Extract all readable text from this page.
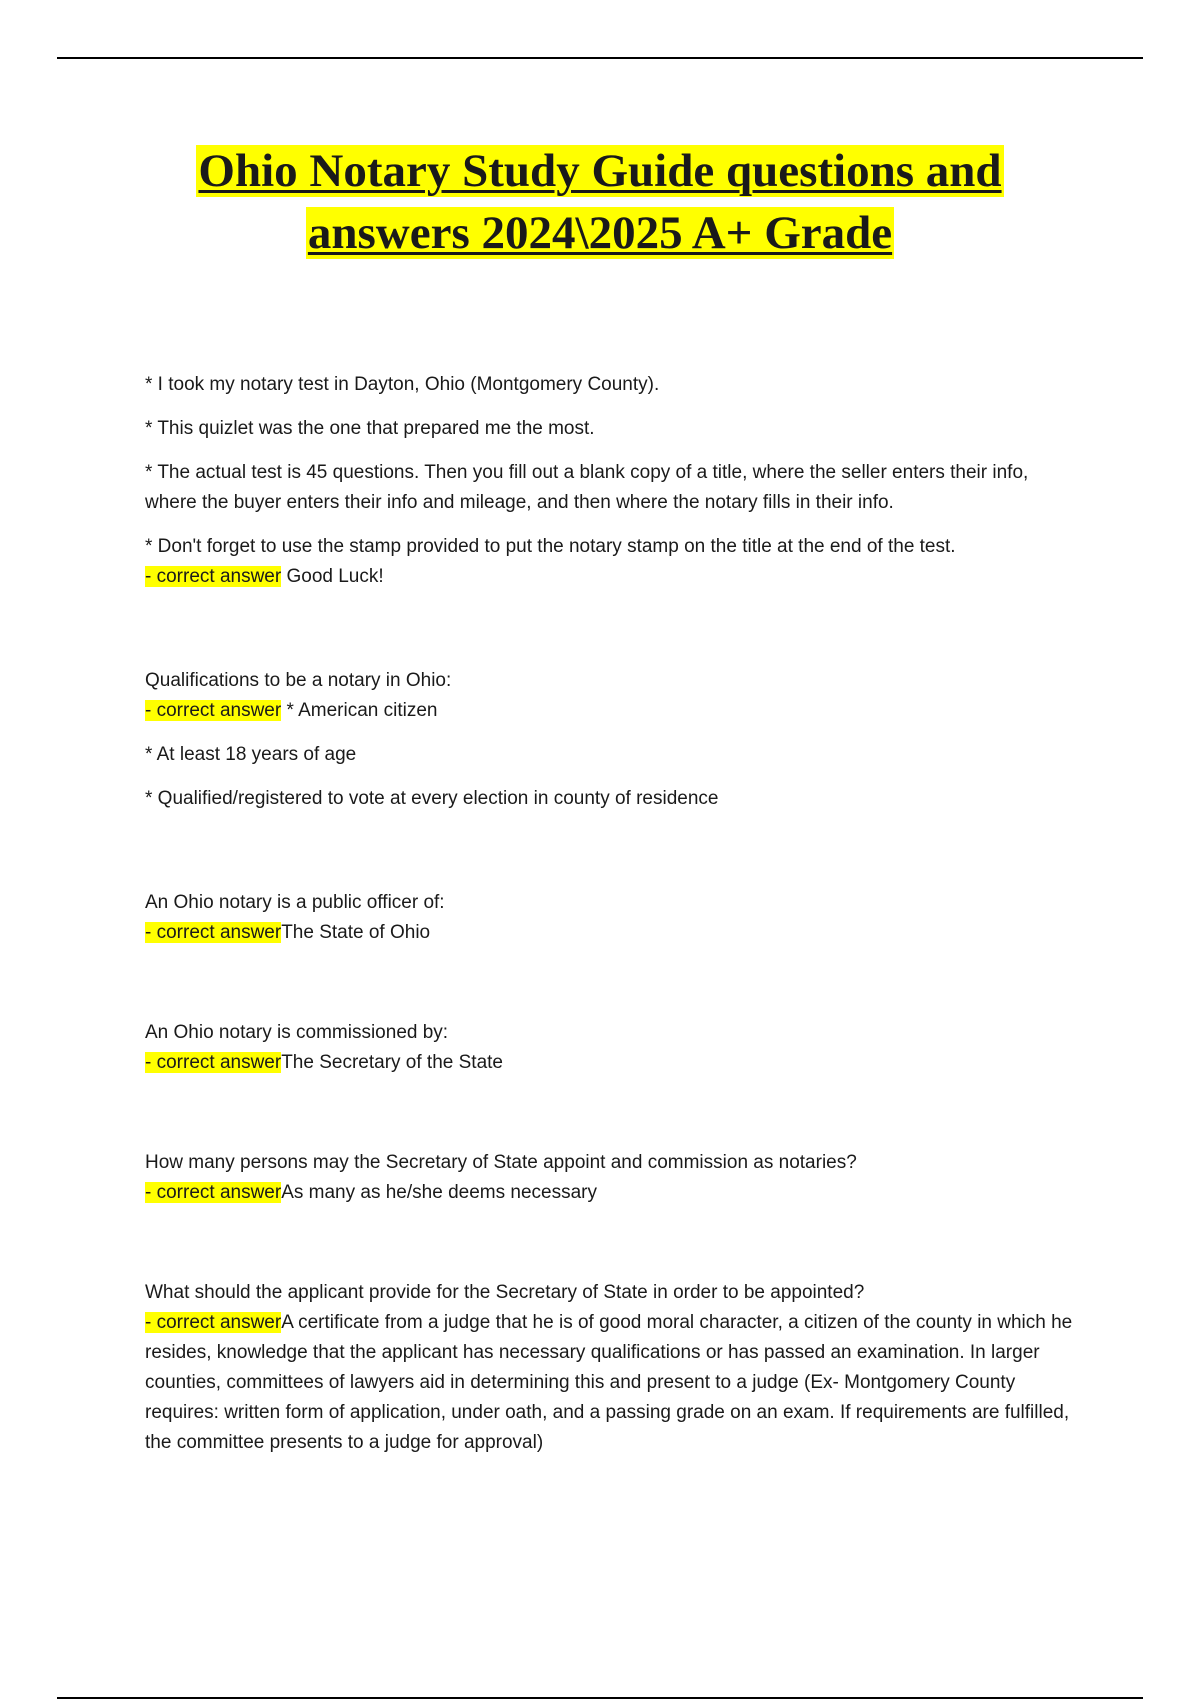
Ohio Notary Study Guide questions and
answers 2024\2025 A+ Grade

* I took my notary test in Dayton, Ohio (Montgomery County).

* This quizlet was the one that prepared me the most.

* The actual test is 45 questions. Then you fill out a blank copy of a title, where the seller enters their info, where the buyer enters their info and mileage, and then where the notary fills in their info.

* Don't forget to use the stamp provided to put the notary stamp on the title at the end of the test.

- correct answer Good Luck!

Qualifications to be a notary in Ohio:

- correct answer * American citizen

* At least 18 years of age

* Qualified/registered to vote at every election in county of residence

An Ohio notary is a public officer of:

- correct answerThe State of Ohio

An Ohio notary is commissioned by:

- correct answerThe Secretary of the State

How many persons may the Secretary of State appoint and commission as notaries?

- correct answerAs many as he/she deems necessary

What should the applicant provide for the Secretary of State in order to be appointed?

- correct answerA certificate from a judge that he is of good moral character, a citizen of the county in which he resides, knowledge that the applicant has necessary qualifications or has passed an examination. In larger counties, committees of lawyers aid in determining this and present to a judge (Ex- Montgomery County requires: written form of application, under oath, and a passing grade on an exam. If requirements are fulfilled, the committee presents to a judge for approval)
